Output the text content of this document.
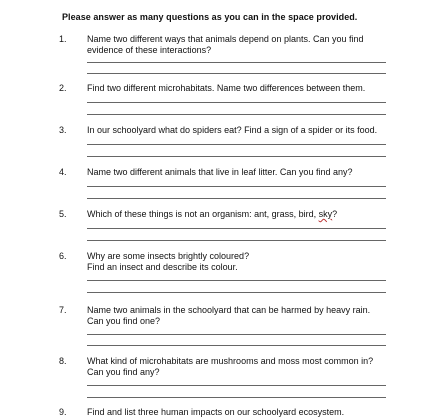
Please answer as many questions as you can in the space provided.
1. Name two different ways that animals depend on plants. Can you find
evidence of these interactions?
2. Find two different microhabitats. Name two differences between them.
3. In our schoolyard what do spiders eat? Find a sign of a spider or its food.
4. Name two different animals that live in leaf litter. Can you find any?
5. Which of these things is not an organism: ant, grass, bird, sky?
6. Why are some insects brightly coloured?
Find an insect and describe its colour.
7. Name two animals in the schoolyard that can be harmed by heavy rain.
Can you find one?
8. What kind of microhabitats are mushrooms and moss most common in?
Can you find any?
9. Find and list three human impacts on our schoolyard ecosystem.
